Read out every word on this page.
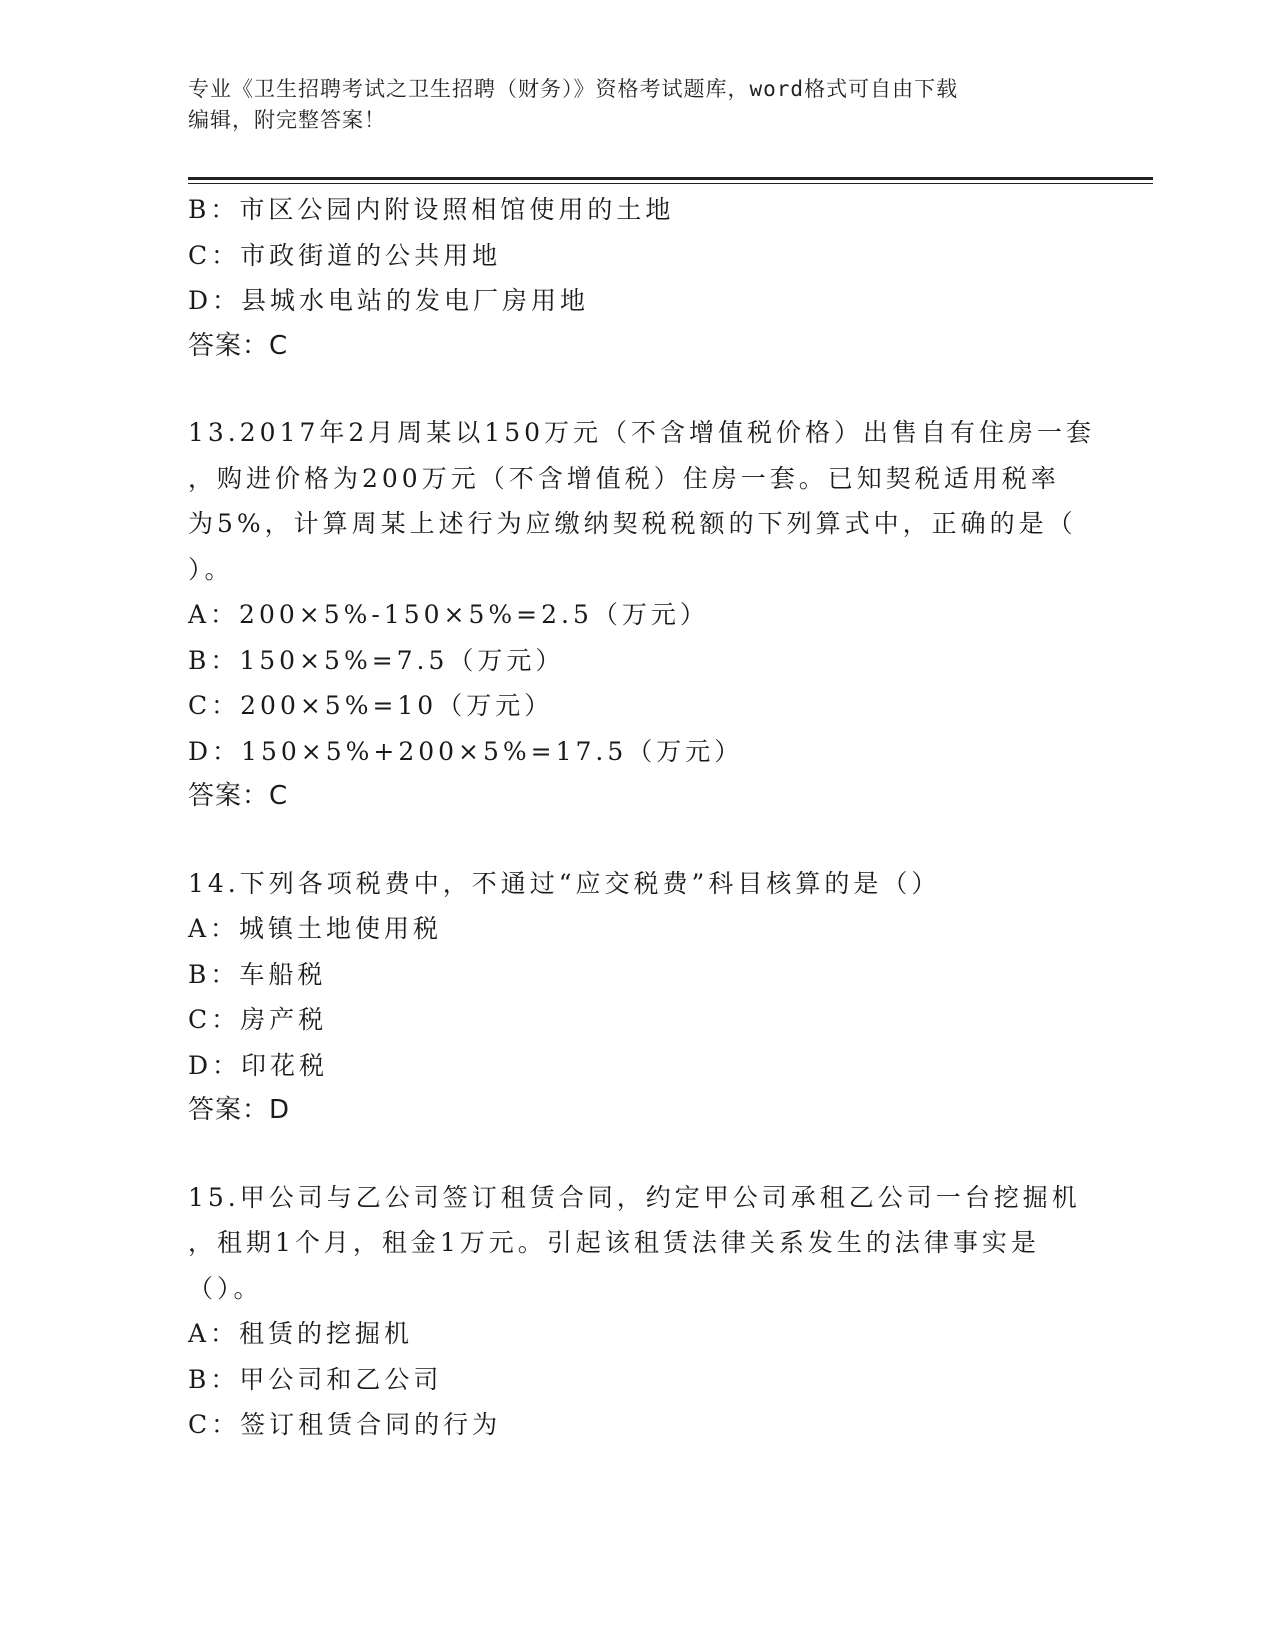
专业《卫生招聘考试之卫生招聘（财务）》资格考试题库，word格式可自由下载
编辑，附完整答案！
B：市区公园内附设照相馆使用的土地
C：市政街道的公共用地
D：县城水电站的发电厂房用地
答案：C
13.2017年2月周某以150万元（不含增值税价格）出售自有住房一套
，购进价格为200万元（不含增值税）住房一套。已知契税适用税率
为5%，计算周某上述行为应缴纳契税税额的下列算式中，正确的是（
）。
A：200×5%-150×5%=2.5（万元）
B：150×5%=7.5（万元）
C：200×5%=10（万元）
D：150×5%+200×5%=17.5（万元）
答案：C
14.下列各项税费中，不通过“应交税费”科目核算的是（）
A：城镇土地使用税
B：车船税
C：房产税
D：印花税
答案：D
15.甲公司与乙公司签订租赁合同，约定甲公司承租乙公司一台挖掘机
，租期1个月，租金1万元。引起该租赁法律关系发生的法律事实是
（）。
A：租赁的挖掘机
B：甲公司和乙公司
C：签订租赁合同的行为
